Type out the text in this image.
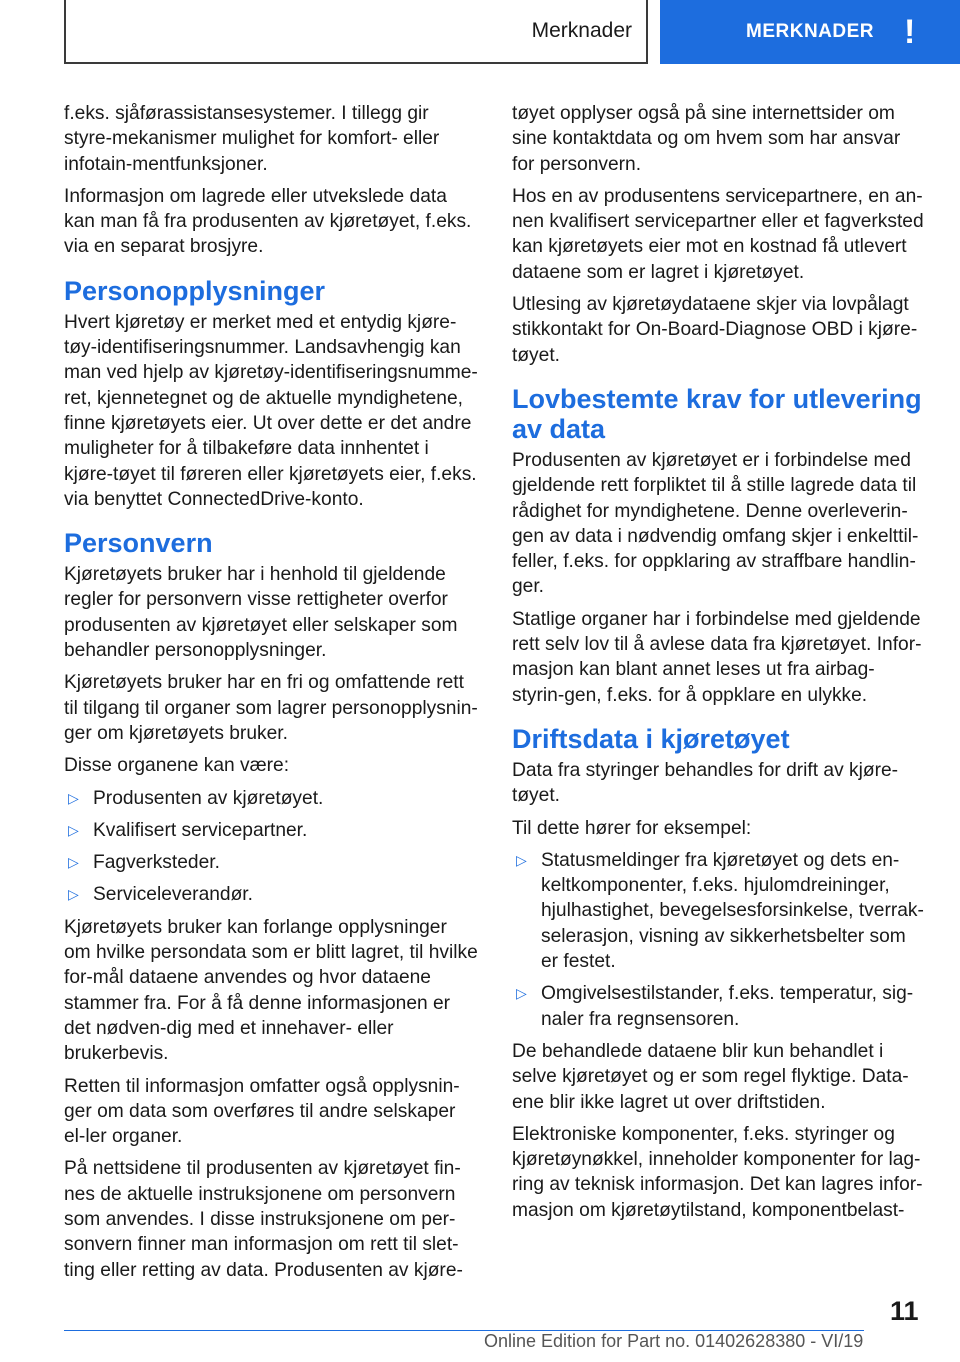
Merknader	MERKNADER !

f.eks. sjåførassistansesystemer. I tillegg gir styre-mekanismer mulighet for komfort- eller infotain-mentfunksjoner.

Informasjon om lagrede eller utvekslede data kan man få fra produsenten av kjøretøyet, f.eks. via en separat brosjyre.

Personopplysninger

Hvert kjøretøy er merket med et entydig kjøre-tøy-identifiseringsnummer. Landsavhengig kan man ved hjelp av kjøretøy-identifiseringsnumme-ret, kjennetegnet og de aktuelle myndighetene, finne kjøretøyets eier. Ut over dette er det andre muligheter for å tilbakeføre data innhentet i kjøre-tøyet til føreren eller kjøretøyets eier, f.eks. via benyttet ConnectedDrive-konto.

Personvern

Kjøretøyets bruker har i henhold til gjeldende regler for personvern visse rettigheter overfor produsenten av kjøretøyet eller selskaper som behandler personopplysninger.

Kjøretøyets bruker har en fri og omfattende rett til tilgang til organer som lagrer personopplysnin-ger om kjøretøyets bruker.

Disse organene kan være:

▷ Produsenten av kjøretøyet.
▷ Kvalifisert servicepartner.
▷ Fagverksteder.
▷ Serviceleverandør.

Kjøretøyets bruker kan forlange opplysninger om hvilke persondata som er blitt lagret, til hvilke for-mål dataene anvendes og hvor dataene stammer fra. For å få denne informasjonen er det nødven-dig med et innehaver- eller brukerbevis.

Retten til informasjon omfatter også opplysnin-ger om data som overføres til andre selskaper el-ler organer.

På nettsidene til produsenten av kjøretøyet fin-nes de aktuelle instruksjonene om personvern som anvendes. I disse instruksjonene om per-sonvern finner man informasjon om rett til slet-ting eller retting av data. Produsenten av kjøre-

tøyet opplyser også på sine internettsider om sine kontaktdata og om hvem som har ansvar for personvern.

Hos en av produsentens servicepartnere, en an-nen kvalifisert servicepartner eller et fagverksted kan kjøretøyets eier mot en kostnad få utlevert dataene som er lagret i kjøretøyet.

Utlesing av kjøretøydataene skjer via lovpålagt stikkontakt for On-Board-Diagnose OBD i kjøre-tøyet.

Lovbestemte krav for utlevering av data

Produsenten av kjøretøyet er i forbindelse med gjeldende rett forpliktet til å stille lagrede data til rådighet for myndighetene. Denne overleverin-gen av data i nødvendig omfang skjer i enkelttil-feller, f.eks. for oppklaring av straffbare handlin-ger.

Statlige organer har i forbindelse med gjeldende rett selv lov til å avlese data fra kjøretøyet. Infor-masjon kan blant annet leses ut fra airbag-styrin-gen, f.eks. for å oppklare en ulykke.

Driftsdata i kjøretøyet

Data fra styringer behandles for drift av kjøre-tøyet.

Til dette hører for eksempel:

▷ Statusmeldinger fra kjøretøyet og dets en-keltkomponenter, f.eks. hjulomdreininger, hjulhastighet, bevegelsesforsinkelse, tverrak-selerasjon, visning av sikkerhetsbelter som er festet.
▷ Omgivelsestilstander, f.eks. temperatur, sig-naler fra regnsensoren.

De behandlede dataene blir kun behandlet i selve kjøretøyet og er som regel flyktige. Data-ene blir ikke lagret ut over driftstiden.

Elektroniske komponenter, f.eks. styringer og kjøretøynøkkel, inneholder komponenter for lag-ring av teknisk informasjon. Det kan lagres infor-masjon om kjøretøytilstand, komponentbelast-

11
Online Edition for Part no. 01402628380 - VI/19
